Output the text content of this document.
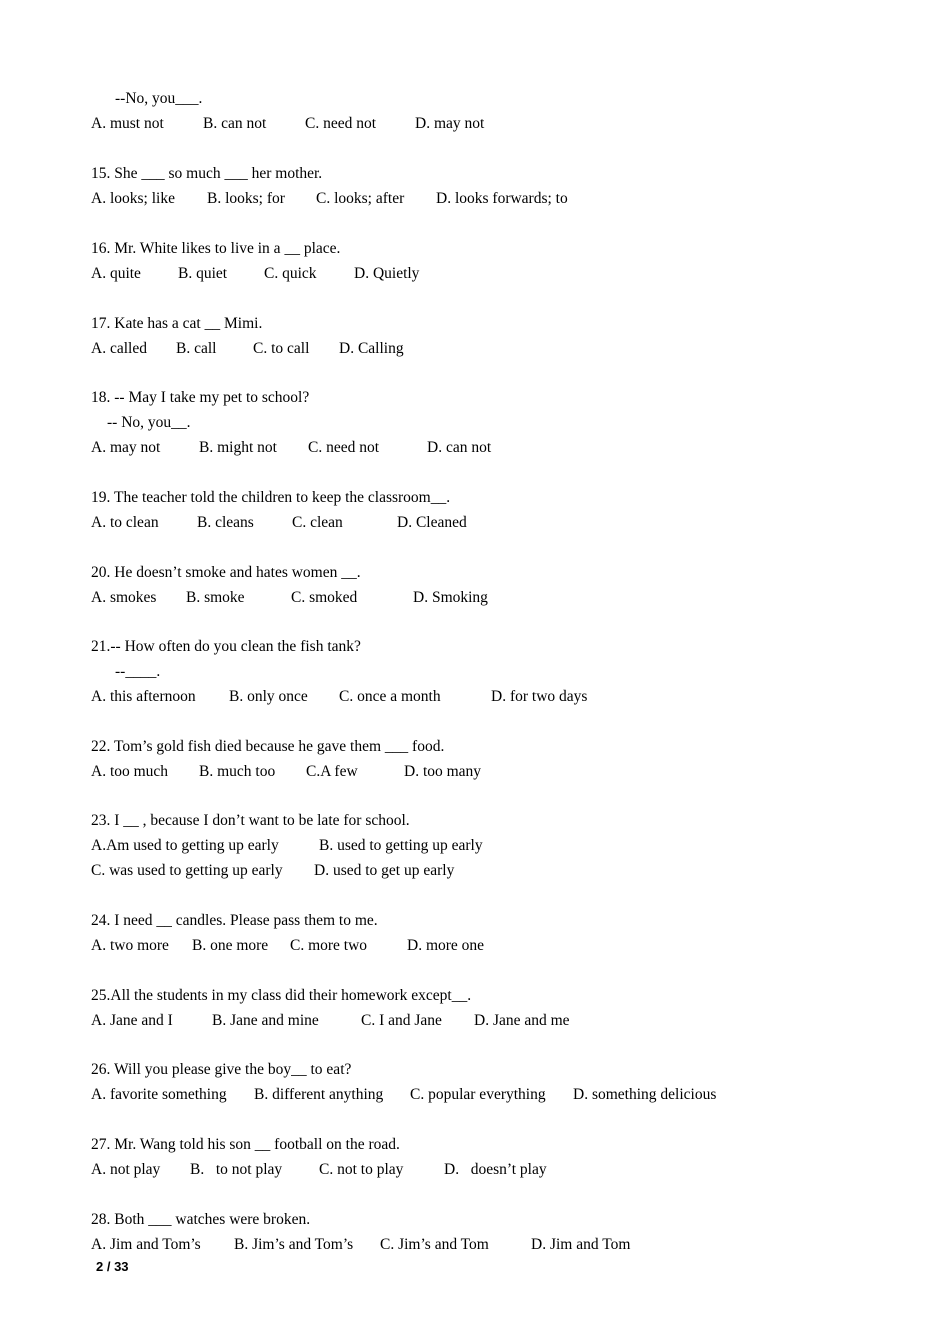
--No, you___.
A. must not	B. can not C. need not	D. may not
15. She ___ so much ___ her mother.
A. looks; like B. looks; for C. looks; after D. looks forwards; to
16. Mr. White likes to live in a __ place.
A. quite B. quiet C. quick D. Quietly
17. Kate has a cat __ Mimi.
A. called B. call C. to call D. Calling
18. -- May I take my pet to school?
-- No, you__.
A. may not B. might not C. need not	D. can not
19. The teacher told the children to keep the classroom__.
A. to clean B. cleans C. clean	D. Cleaned
20. He doesn’t smoke and hates women __.
A. smokes B. smoke	C. smoked	D. Smoking
21.-- How often do you clean the fish tank?
--____.
A. this afternoon B. only once C. once a month	D. for two days
22. Tom’s gold fish died because he gave them ___ food.
A. too much B. much too C.A few	D. too many
23. I __ , because I don’t want to be late for school.
A.Am used to getting up early	B. used to getting up early
C. was used to getting up early D. used to get up early
24. I need __ candles. Please pass them to me.
A. two more B. one more C. more two	D. more one
25.All the students in my class did their homework except__.
A. Jane and I	B. Jane and mine	C. I and Jane D. Jane and me
26. Will you please give the boy__ to eat?
A. favorite something B. different anything C. popular everything D. something delicious
27. Mr. Wang told his son __ football on the road.
A. not play B.   to not play C. not to play	D.   doesn’t play
28. Both ___ watches were broken.
A. Jim and Tom’s B. Jim’s and Tom’s C. Jim’s and Tom	D. Jim and Tom
2 / 33
